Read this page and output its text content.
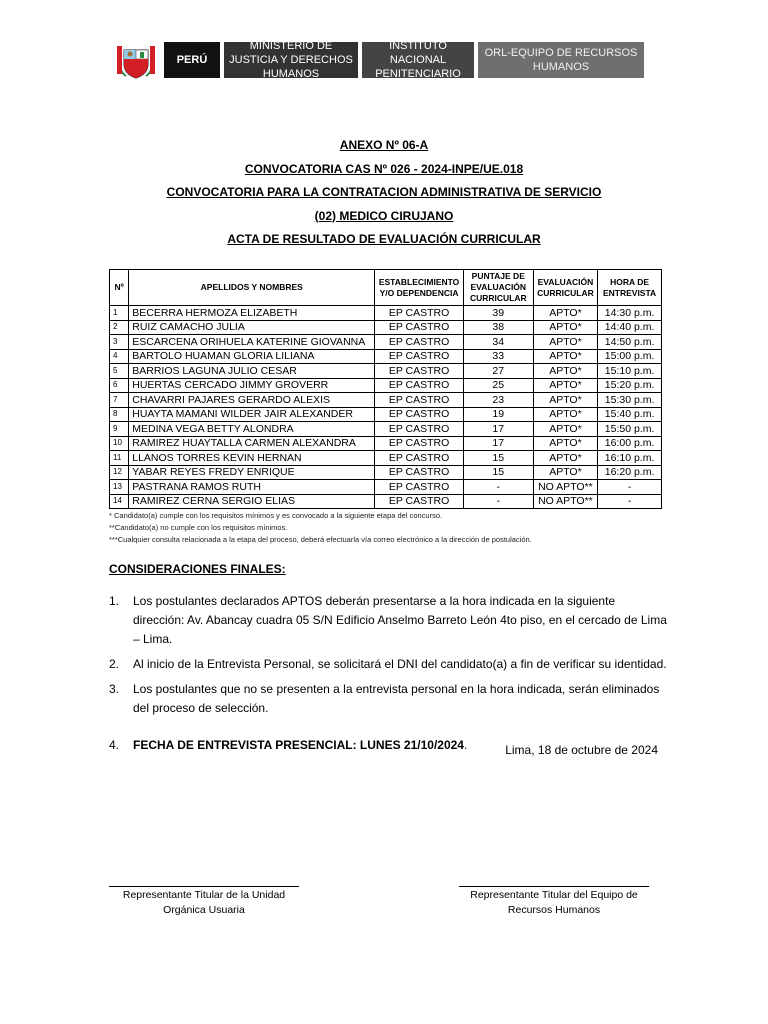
PERÚ
MINISTERIO DE JUSTICIA Y DERECHOS HUMANOS
INSTITUTO NACIONAL PENITENCIARIO
ORL-EQUIPO DE RECURSOS HUMANOS
ANEXO Nº 06-A
CONVOCATORIA CAS Nº 026 - 2024-INPE/UE.018
CONVOCATORIA PARA LA CONTRATACION ADMINISTRATIVA DE SERVICIO
(02) MEDICO CIRUJANO
ACTA DE RESULTADO DE EVALUACIÓN CURRICULAR
Nº	APELLIDOS Y NOMBRES	ESTABLECIMIENTO Y/O DEPENDENCIA	PUNTAJE DE EVALUACIÓN CURRICULAR	EVALUACIÓN CURRICULAR	HORA DE ENTREVISTA
1	BECERRA HERMOZA ELIZABETH	EP CASTRO	39	APTO*	14:30 p.m.
2	RUIZ CAMACHO JULIA	EP CASTRO	38	APTO*	14:40 p.m.
3	ESCARCENA ORIHUELA KATERINE GIOVANNA	EP CASTRO	34	APTO*	14:50 p.m.
4	BARTOLO HUAMAN GLORIA LILIANA	EP CASTRO	33	APTO*	15:00 p.m.
5	BARRIOS LAGUNA JULIO CESAR	EP CASTRO	27	APTO*	15:10 p.m.
6	HUERTAS CERCADO JIMMY GROVERR	EP CASTRO	25	APTO*	15:20 p.m.
7	CHAVARRI PAJARES GERARDO ALEXIS	EP CASTRO	23	APTO*	15:30 p.m.
8	HUAYTA MAMANI WILDER JAIR ALEXANDER	EP CASTRO	19	APTO*	15:40 p.m.
9	MEDINA VEGA BETTY ALONDRA	EP CASTRO	17	APTO*	15:50 p.m.
10	RAMIREZ HUAYTALLA CARMEN ALEXANDRA	EP CASTRO	17	APTO*	16:00 p.m.
11	LLANOS TORRES KEVIN HERNAN	EP CASTRO	15	APTO*	16:10 p.m.
12	YABAR REYES FREDY ENRIQUE	EP CASTRO	15	APTO*	16:20 p.m.
13	PASTRANA RAMOS RUTH	EP CASTRO	-	NO APTO**	-
14	RAMIREZ CERNA SERGIO ELIAS	EP CASTRO	-	NO APTO**	-
* Candidato(a) cumple con los requisitos mínimos y es convocado a la siguiente etapa del concurso.
**Candidato(a) no cumple con los requisitos mínimos.
***Cualquier consulta relacionada a la etapa del proceso, deberá efectuarla vía correo electrónico a la dirección de postulación.
CONSIDERACIONES FINALES:
1.	Los postulantes declarados APTOS deberán presentarse a la hora indicada en la siguiente dirección: Av. Abancay cuadra 05 S/N Edificio Anselmo Barreto León 4to piso, en el cercado de Lima – Lima.
2.	Al inicio de la Entrevista Personal, se solicitará el DNI del candidato(a) a fin de verificar su identidad.
3.	Los postulantes que no se presenten a la entrevista personal en la hora indicada, serán eliminados del proceso de selección.
4.	FECHA DE ENTREVISTA PRESENCIAL: LUNES 21/10/2024.	Lima, 18 de octubre de 2024
Representante Titular de la Unidad
Orgánica Usuaria
Representante Titular del Equipo de
Recursos Humanos
